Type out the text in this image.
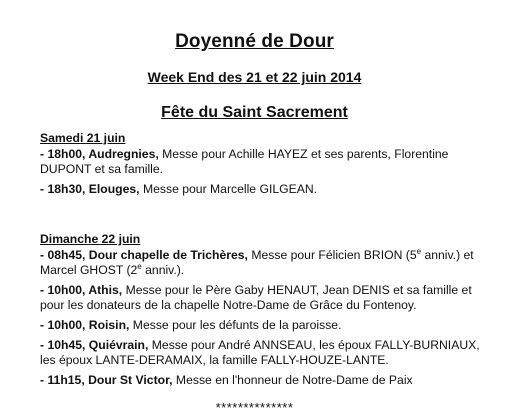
Doyenné de Dour
Week End des 21 et 22 juin 2014
Fête du Saint Sacrement
Samedi 21 juin
- 18h00, Audregnies, Messe pour Achille HAYEZ et ses parents, Florentine DUPONT et sa famille.
- 18h30, Elouges, Messe pour Marcelle GILGEAN.
Dimanche 22 juin
- 08h45, Dour chapelle de Trichères, Messe pour Félicien BRION (5e anniv.) et Marcel GHOST (2e anniv.).
- 10h00, Athis, Messe pour le Père Gaby HENAUT, Jean DENIS et sa famille et pour les donateurs de la chapelle Notre-Dame de Grâce du Fontenoy.
- 10h00, Roisin, Messe pour les défunts de la paroisse.
- 10h45, Quiévrain, Messe pour André ANNSEAU, les époux FALLY-BURNIAUX, les époux LANTE-DERAMAIX, la famille FALLY-HOUZE-LANTE.
- 11h15, Dour St Victor, Messe en l'honneur de Notre-Dame de Paix
**************
